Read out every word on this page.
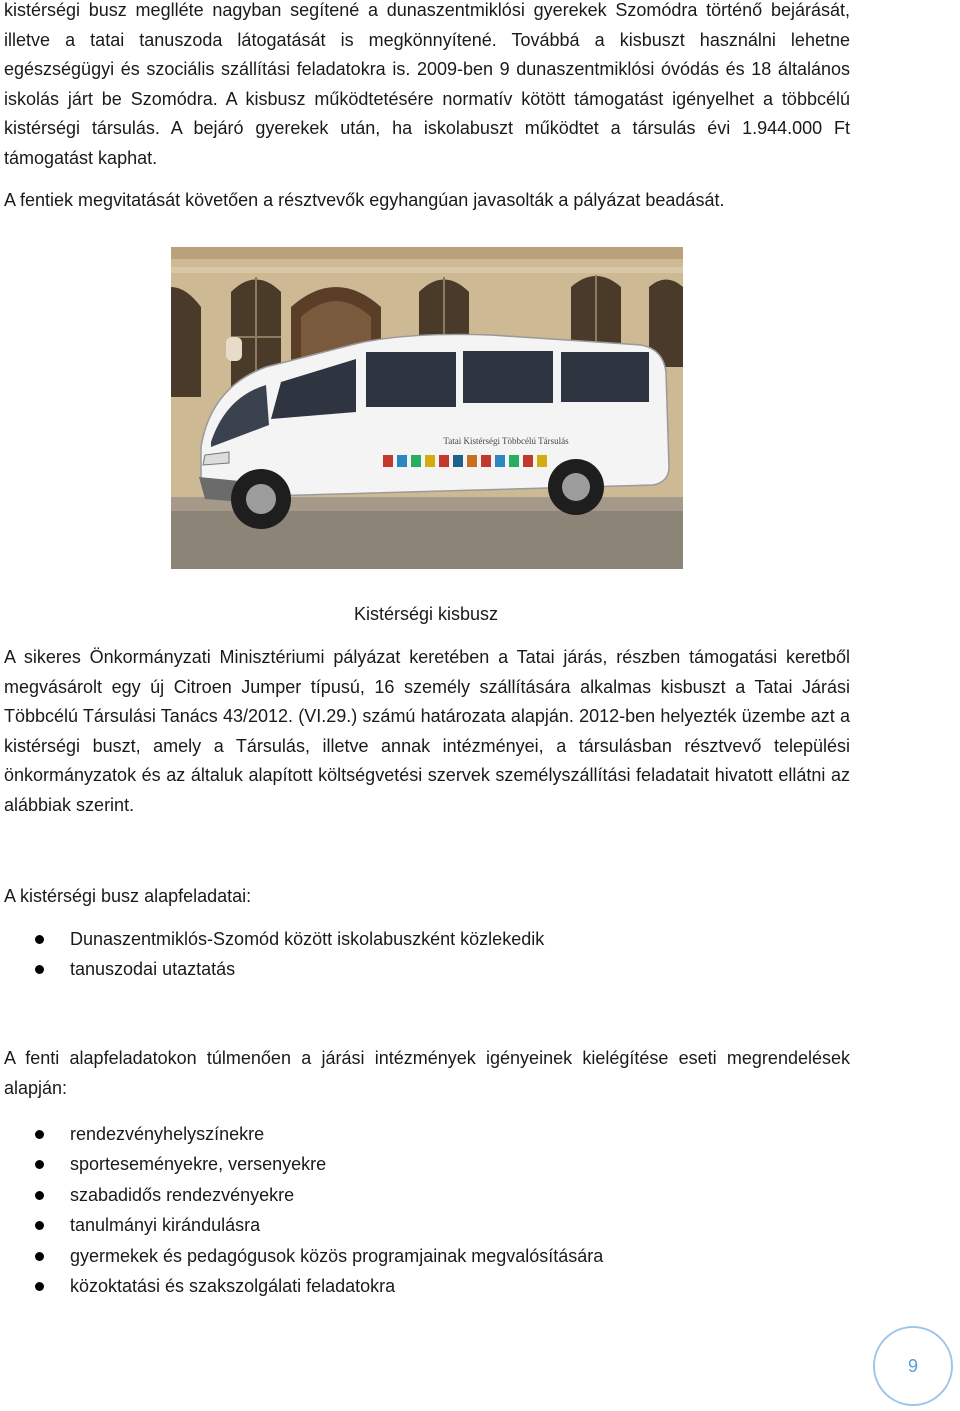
kistérségi busz meglléte nagyban segítené a dunaszentmiklósi gyerekek Szomódra történő bejárását, illetve a tatai tanuszoda látogatását is megkönnyítené. Továbbá a kisbuszt használni lehetne egészségügyi és szociális szállítási feladatokra is. 2009-ben 9 dunaszentmiklósi óvódás és 18 általános iskolás járt be Szomódra. A kisbusz működtetésére normatív kötött támogatást igényelhet a többcélú kistérségi társulás. A bejáró gyerekek után, ha iskolabuszt működtet a társulás évi 1.944.000 Ft támogatást kaphat.

A fentiek megvitatását követően a résztvevők egyhangúan javasolták a pályázat beadását.

Tatai Kistérségi Többcélú Társulás
Kistérségi kisbusz

A sikeres Önkormányzati Minisztériumi pályázat keretében a Tatai járás, részben támogatási keretből megvásárolt egy új Citroen Jumper típusú, 16 személy szállítására alkalmas kisbuszt a Tatai Járási Többcélú Társulási Tanács 43/2012. (VI.29.) számú határozata alapján. 2012-ben helyezték üzembe azt a kistérségi buszt, amely a Társulás, illetve annak intézményei, a társulásban résztvevő települési önkormányzatok és az általuk alapított költségvetési szervek személyszállítási feladatait hivatott ellátni az alábbiak szerint.

A kistérségi busz alapfeladatai:
Dunaszentmiklós-Szomód között iskolabuszként közlekedik
tanuszodai utaztatás

A fenti alapfeladatokon túlmenően a járási intézmények igényeinek kielégítése eseti megrendelések alapján:

rendezvényhelyszínekre
sporteseményekre, versenyekre
szabadidős rendezvényekre
tanulmányi kirándulásra
gyermekek és pedagógusok közös programjainak megvalósítására
közoktatási és szakszolgálati feladatokra
9
